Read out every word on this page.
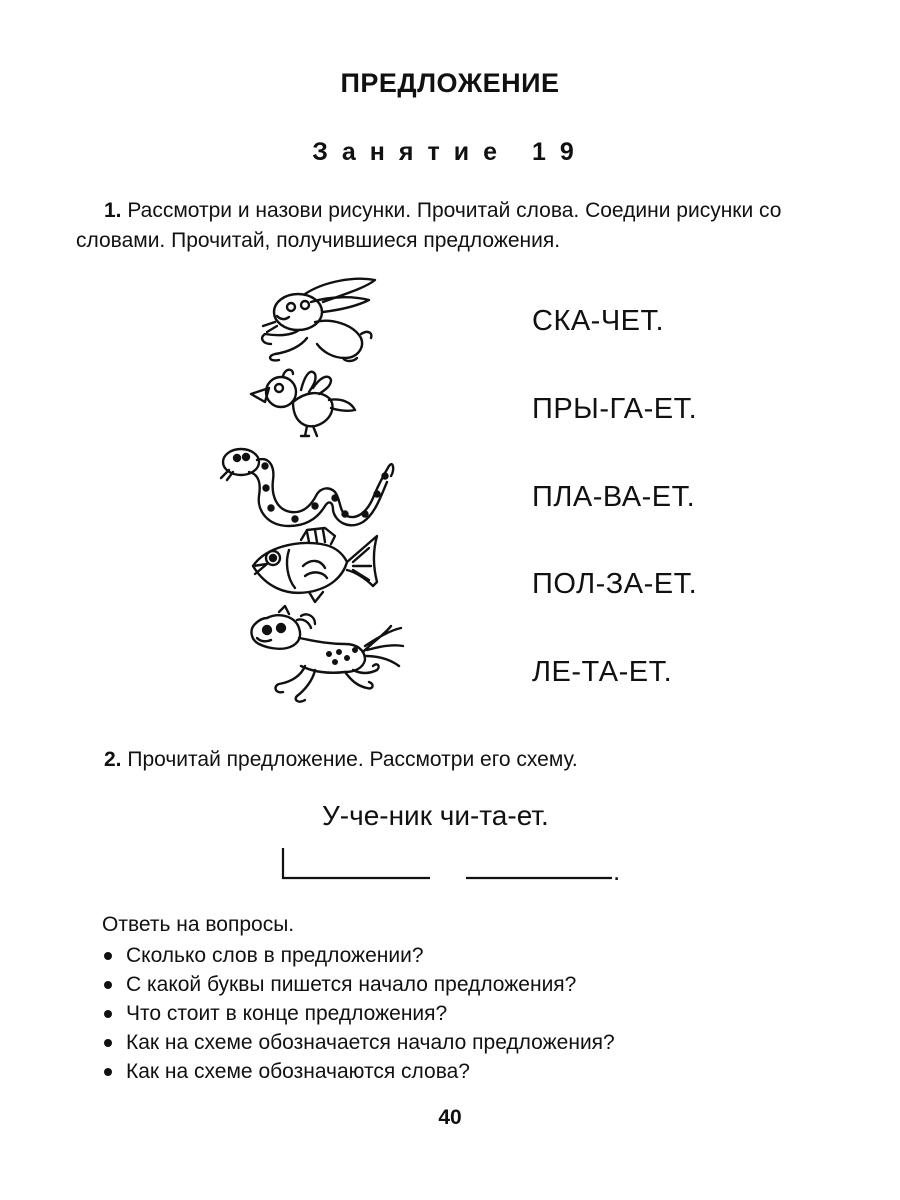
ПРЕДЛОЖЕНИЕ
Занятие 19
1. Рассмотри и назови рисунки. Прочитай слова. Соедини рисунки со словами. Прочитай, получившиеся предложения.
СКА-ЧЕТ.
ПРЫ-ГА-ЕТ.
ПЛА-ВА-ЕТ.
ПОЛ-ЗА-ЕТ.
ЛЕ-ТА-ЕТ.
2. Прочитай предложение. Рассмотри его схему.
У-че-ник чи-та-ет.
.
Ответь на вопросы.
Сколько слов в предложении?
С какой буквы пишется начало предложения?
Что стоит в конце предложения?
Как на схеме обозначается начало предложения?
Как на схеме обозначаются слова?
40
